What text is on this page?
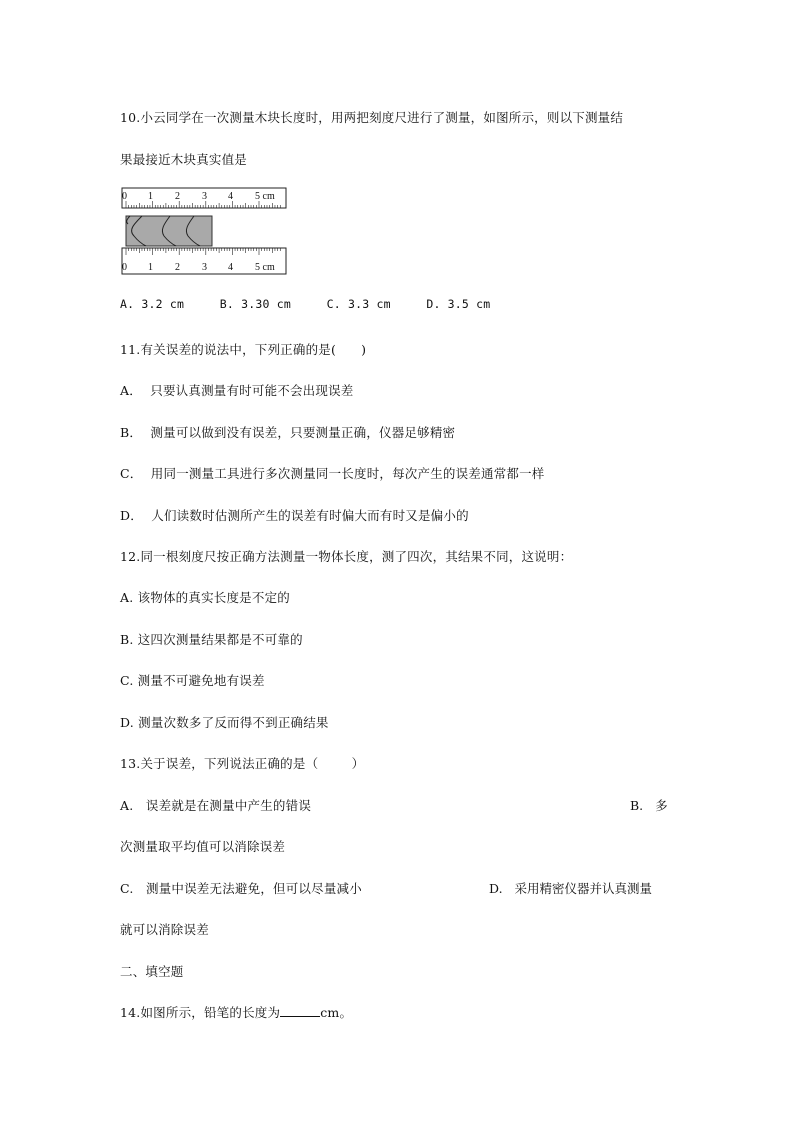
10.小云同学在一次测量木块长度时，用两把刻度尺进行了测量，如图所示，则以下测量结
果最接近木块真实值是
0 1 2 3 4 5 cm
0 1 2 3 4 5 cm
A. 3.2 cm     B. 3.30 cm     C. 3.3 cm     D. 3.5 cm
11.有关误差的说法中，下列正确的是(      )
A．  只要认真测量有时可能不会出现误差
B．  测量可以做到没有误差，只要测量正确，仪器足够精密
C．  用同一测量工具进行多次测量同一长度时，每次产生的误差通常都一样
D．  人们读数时估测所产生的误差有时偏大而有时又是偏小的
12.同一根刻度尺按正确方法测量一物体长度，测了四次，其结果不同，这说明：
A. 该物体的真实长度是不定的
B. 这四次测量结果都是不可靠的
C. 测量不可避免地有误差
D. 测量次数多了反而得不到正确结果
13.关于误差，下列说法正确的是（        ）
A.   误差就是在测量中产生的错误	B.   多
次测量取平均值可以消除误差
C.   测量中误差无法避免，但可以尽量减小	D.   采用精密仪器并认真测量
就可以消除误差
二、填空题
14.如图所示，铅笔的长度为	cm。
